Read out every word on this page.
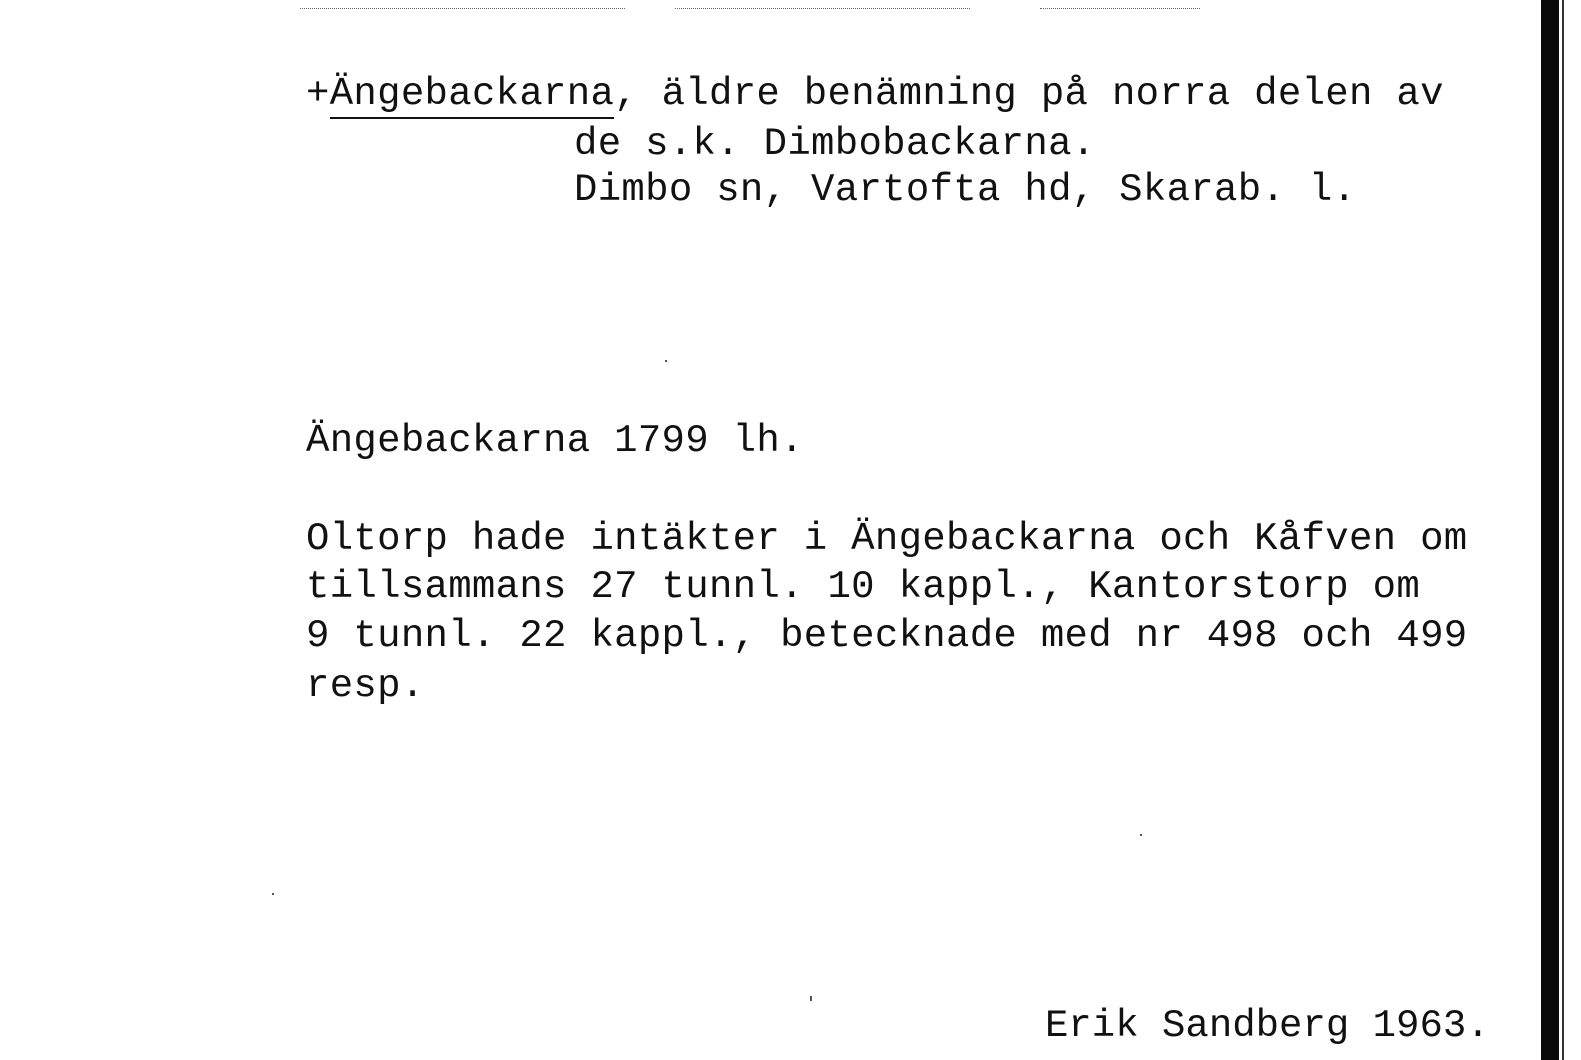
+Ängebackarna, äldre benämning på norra delen av
de s.k. Dimbobackarna.
Dimbo sn, Vartofta hd, Skarab. l.
Ängebackarna 1799 lh.
Oltorp hade intäkter i Ängebackarna och Kåfven om
tillsammans 27 tunnl. 10 kappl., Kantorstorp om
9 tunnl. 22 kappl., betecknade med nr 498 och 499
resp.
Erik Sandberg 1963.
